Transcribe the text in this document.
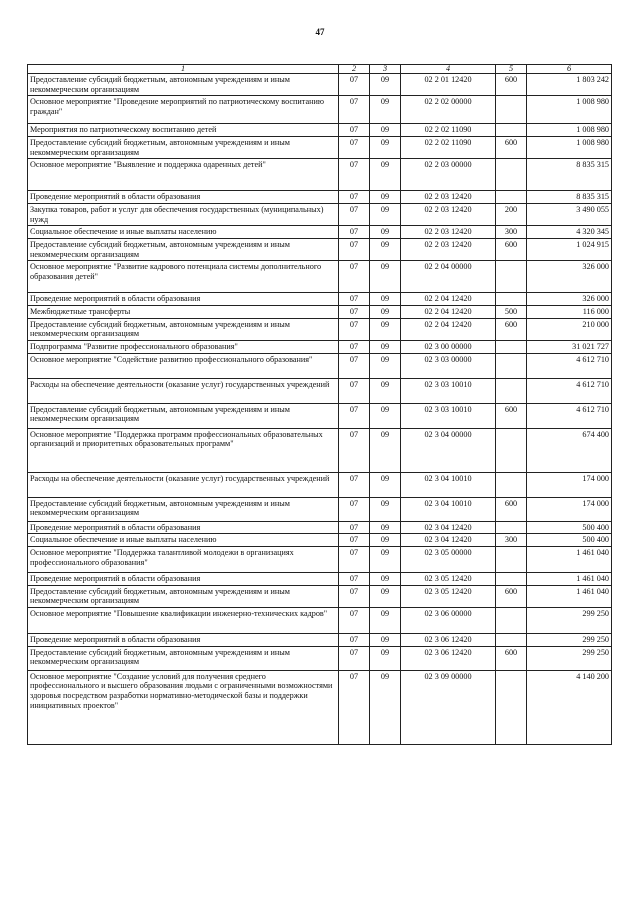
47
1	2	3	4	5	6
Предоставление субсидий бюджетным, автономным учреждениям и иным некоммерческим организациям	07	09	02 2 01 12420	600	1 803 242
Основное мероприятие "Проведение мероприятий по патриотическому воспитанию граждан"	07	09	02 2 02 00000		1 008 980
Мероприятия по патриотическому воспитанию детей	07	09	02 2 02 11090		1 008 980
Предоставление субсидий бюджетным, автономным учреждениям и иным некоммерческим организациям	07	09	02 2 02 11090	600	1 008 980
Основное мероприятие "Выявление и поддержка одаренных детей"	07	09	02 2 03 00000		8 835 315
Проведение мероприятий в области образования	07	09	02 2 03 12420		8 835 315
Закупка товаров, работ и услуг для обеспечения государственных (муниципальных) нужд	07	09	02 2 03 12420	200	3 490 055
Социальное обеспечение и иные выплаты населению	07	09	02 2 03 12420	300	4 320 345
Предоставление субсидий бюджетным, автономным учреждениям и иным некоммерческим организациям	07	09	02 2 03 12420	600	1 024 915
Основное мероприятие "Развитие кадрового потенциала системы дополнительного образования детей"	07	09	02 2 04 00000		326 000
Проведение мероприятий в области образования	07	09	02 2 04 12420		326 000
Межбюджетные трансферты	07	09	02 2 04 12420	500	116 000
Предоставление субсидий бюджетным, автономным учреждениям и иным некоммерческим организациям	07	09	02 2 04 12420	600	210 000
Подпрограмма "Развитие профессионального образования"	07	09	02 3 00 00000		31 021 727
Основное мероприятие "Содействие развитию профессионального образования"	07	09	02 3 03 00000		4 612 710
Расходы на обеспечение деятельности (оказание услуг) государственных учреждений	07	09	02 3 03 10010		4 612 710
Предоставление субсидий бюджетным, автономным учреждениям и иным некоммерческим организациям	07	09	02 3 03 10010	600	4 612 710
Основное мероприятие "Поддержка программ профессиональных образовательных организаций и приоритетных образовательных программ"	07	09	02 3 04 00000		674 400
Расходы на обеспечение деятельности (оказание услуг) государственных учреждений	07	09	02 3 04 10010		174 000
Предоставление субсидий бюджетным, автономным учреждениям и иным некоммерческим организациям	07	09	02 3 04 10010	600	174 000
Проведение мероприятий в области образования	07	09	02 3 04 12420		500 400
Социальное обеспечение и иные выплаты населению	07	09	02 3 04 12420	300	500 400
Основное мероприятие "Поддержка талантливой молодежи в организациях профессионального образования"	07	09	02 3 05 00000		1 461 040
Проведение мероприятий в области образования	07	09	02 3 05 12420		1 461 040
Предоставление субсидий бюджетным, автономным учреждениям и иным некоммерческим организациям	07	09	02 3 05 12420	600	1 461 040
Основное мероприятие "Повышение квалификации инженерно-технических кадров"	07	09	02 3 06 00000		299 250
Проведение мероприятий в области образования	07	09	02 3 06 12420		299 250
Предоставление субсидий бюджетным, автономным учреждениям и иным некоммерческим организациям	07	09	02 3 06 12420	600	299 250
Основное мероприятие "Создание условий для получения среднего профессионального и высшего образования людьми с ограниченными возможностями здоровья посредством разработки нормативно-методической базы и поддержки инициативных проектов"	07	09	02 3 09 00000		4 140 200
